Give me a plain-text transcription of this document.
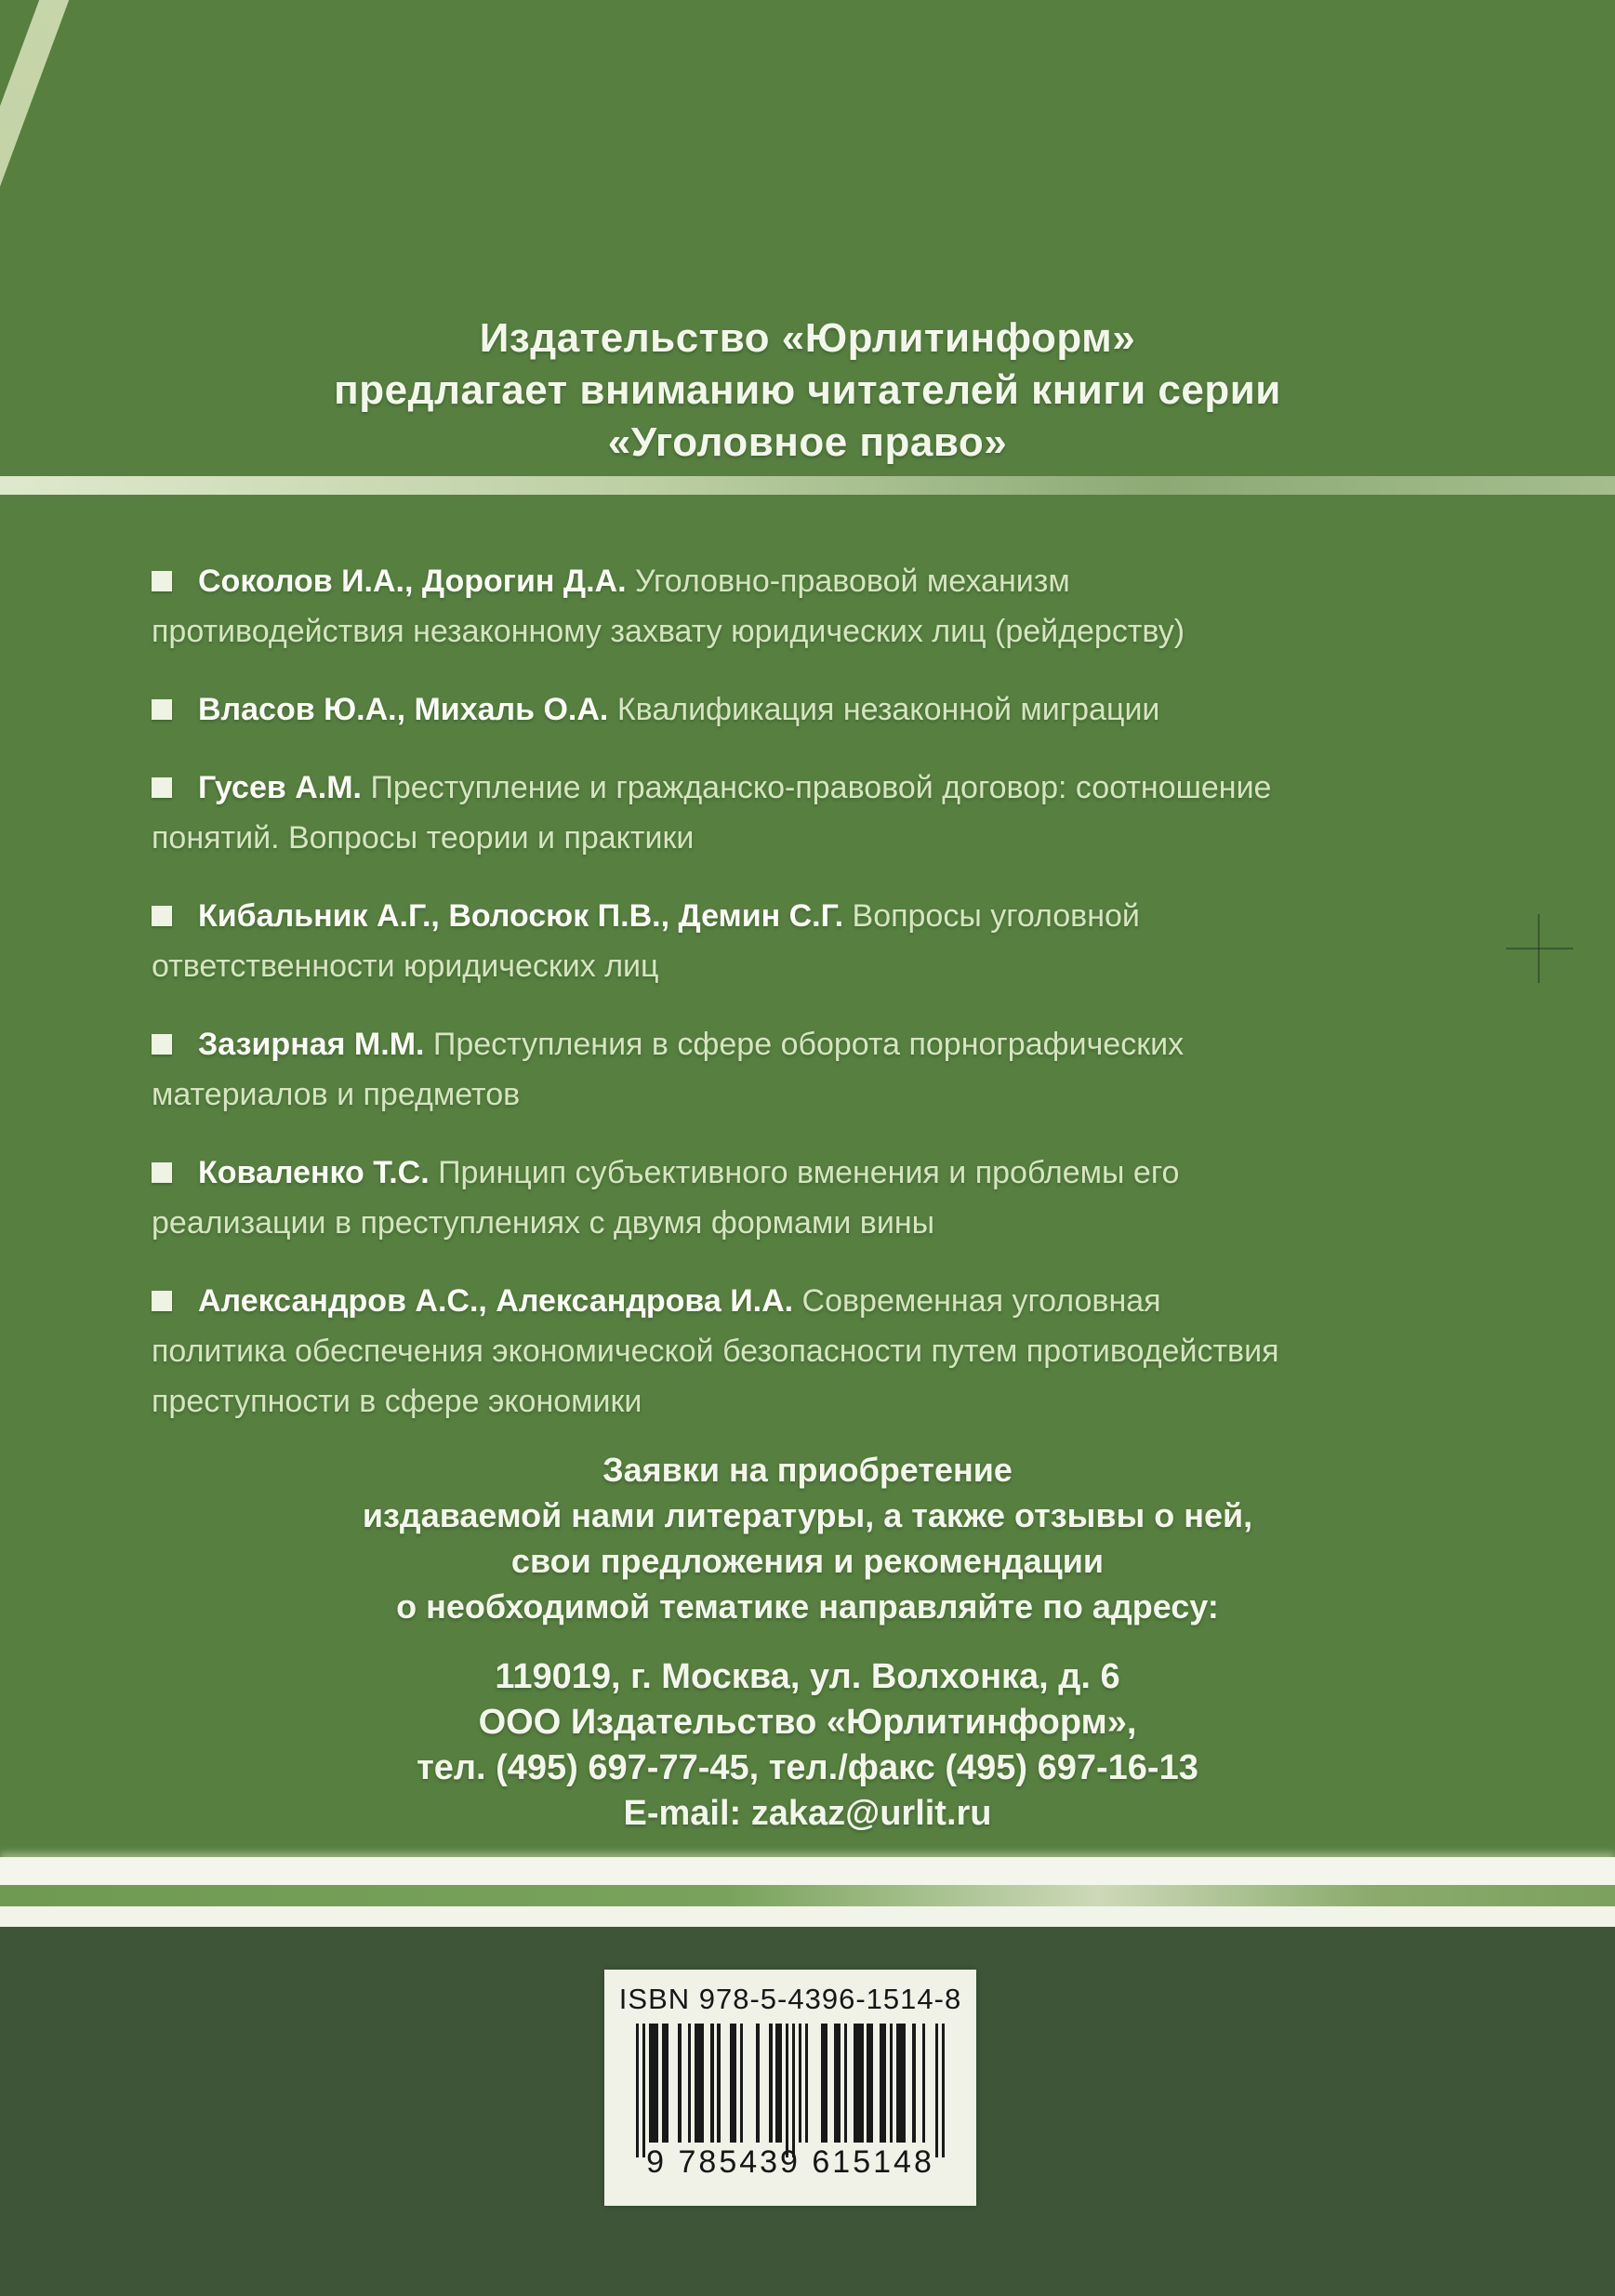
Издательство «Юрлитинформ»
предлагает вниманию читателей книги серии
«Уголовное право»

Соколов И.А., Дорогин Д.А. Уголовно-правовой механизм
противодействия незаконному захвату юридических лиц (рейдерству)

Власов Ю.А., Михаль О.А. Квалификация незаконной миграции

Гусев А.М. Преступление и гражданско-правовой договор: соотношение
понятий. Вопросы теории и практики

Кибальник А.Г., Волосюк П.В., Демин С.Г. Вопросы уголовной
ответственности юридических лиц

Зазирная М.М. Преступления в сфере оборота порнографических
материалов и предметов

Коваленко Т.С. Принцип субъективного вменения и проблемы его
реализации в преступлениях с двумя формами вины

Александров А.С., Александрова И.А. Современная уголовная
политика обеспечения экономической безопасности путем противодействия
преступности в сфере экономики

Заявки на приобретение
издаваемой нами литературы, а также отзывы о ней,
свои предложения и рекомендации
о необходимой тематике направляйте по адресу:
119019, г. Москва, ул. Волхонка, д. 6
ООО Издательство «Юрлитинформ»,
тел. (495) 697-77-45, тел./факс (495) 697-16-13
E-mail: zakaz@urlit.ru
ISBN 978-5-4396-1514-8
9 785439 615148
